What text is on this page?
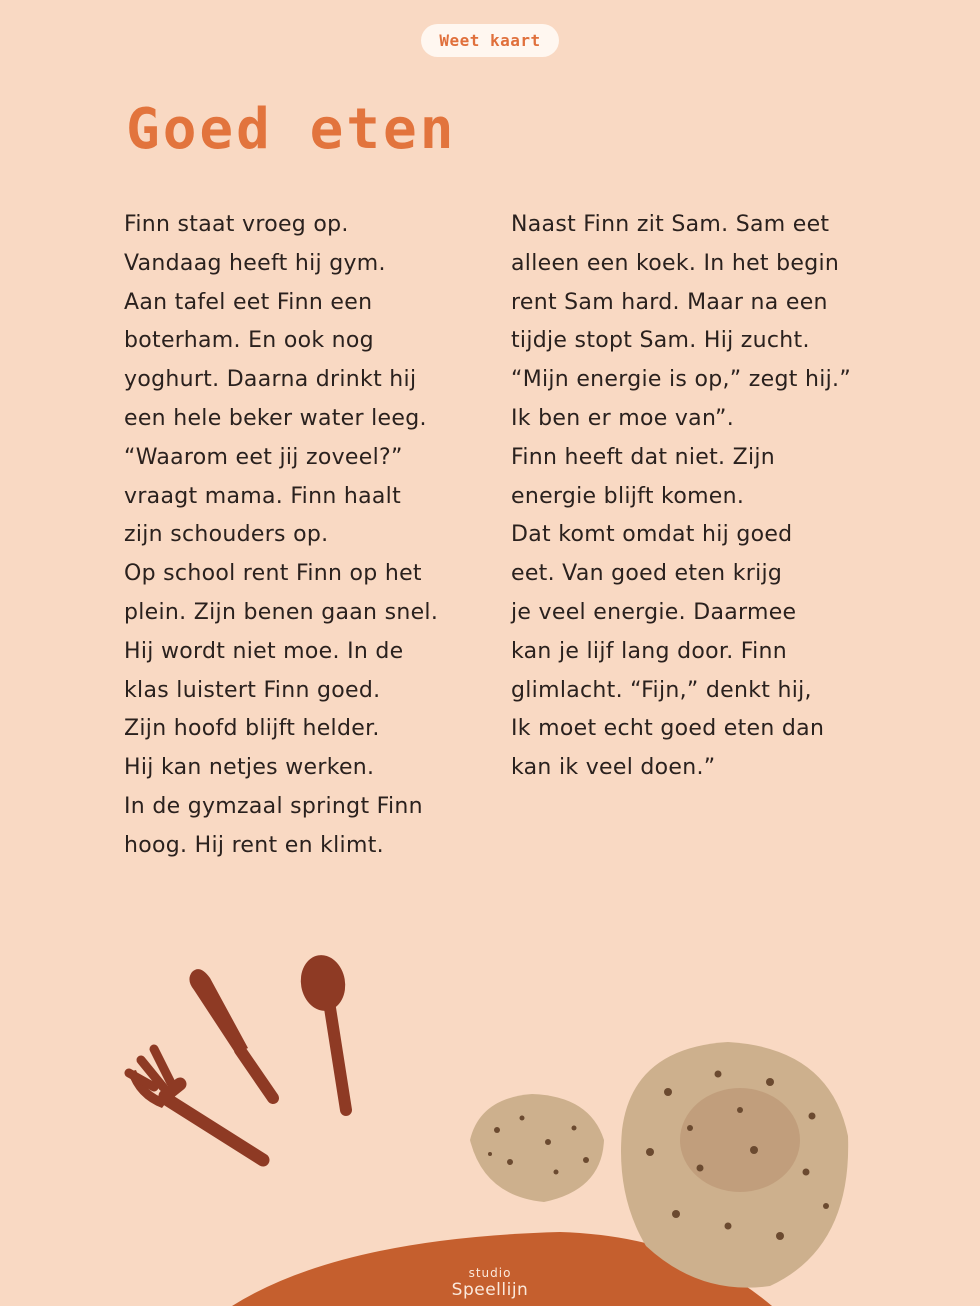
Weet kaart
Goed eten
Finn staat vroeg op.
Vandaag heeft hij gym.
Aan tafel eet Finn een
boterham. En ook nog
yoghurt. Daarna drinkt hij
een hele beker water leeg.
“Waarom eet jij zoveel?”
vraagt mama. Finn haalt
zijn schouders op.
Op school rent Finn op het
plein. Zijn benen gaan snel.
Hij wordt niet moe. In de
klas luistert Finn goed.
Zijn hoofd blijft helder.
Hij kan netjes werken.
In de gymzaal springt Finn
hoog. Hij rent en klimt.
Naast Finn zit Sam. Sam eet
alleen een koek. In het begin
rent Sam hard. Maar na een
tijdje stopt Sam. Hij zucht.
“Mijn energie is op,” zegt hij.”
Ik ben er moe van”.
Finn heeft dat niet. Zijn
energie blijft komen.
Dat komt omdat hij goed
eet. Van goed eten krijg
je veel energie. Daarmee
kan je lijf lang door. Finn
glimlacht. “Fijn,” denkt hij,
Ik moet echt goed eten dan
kan ik veel doen.”
studio
Speellijn
